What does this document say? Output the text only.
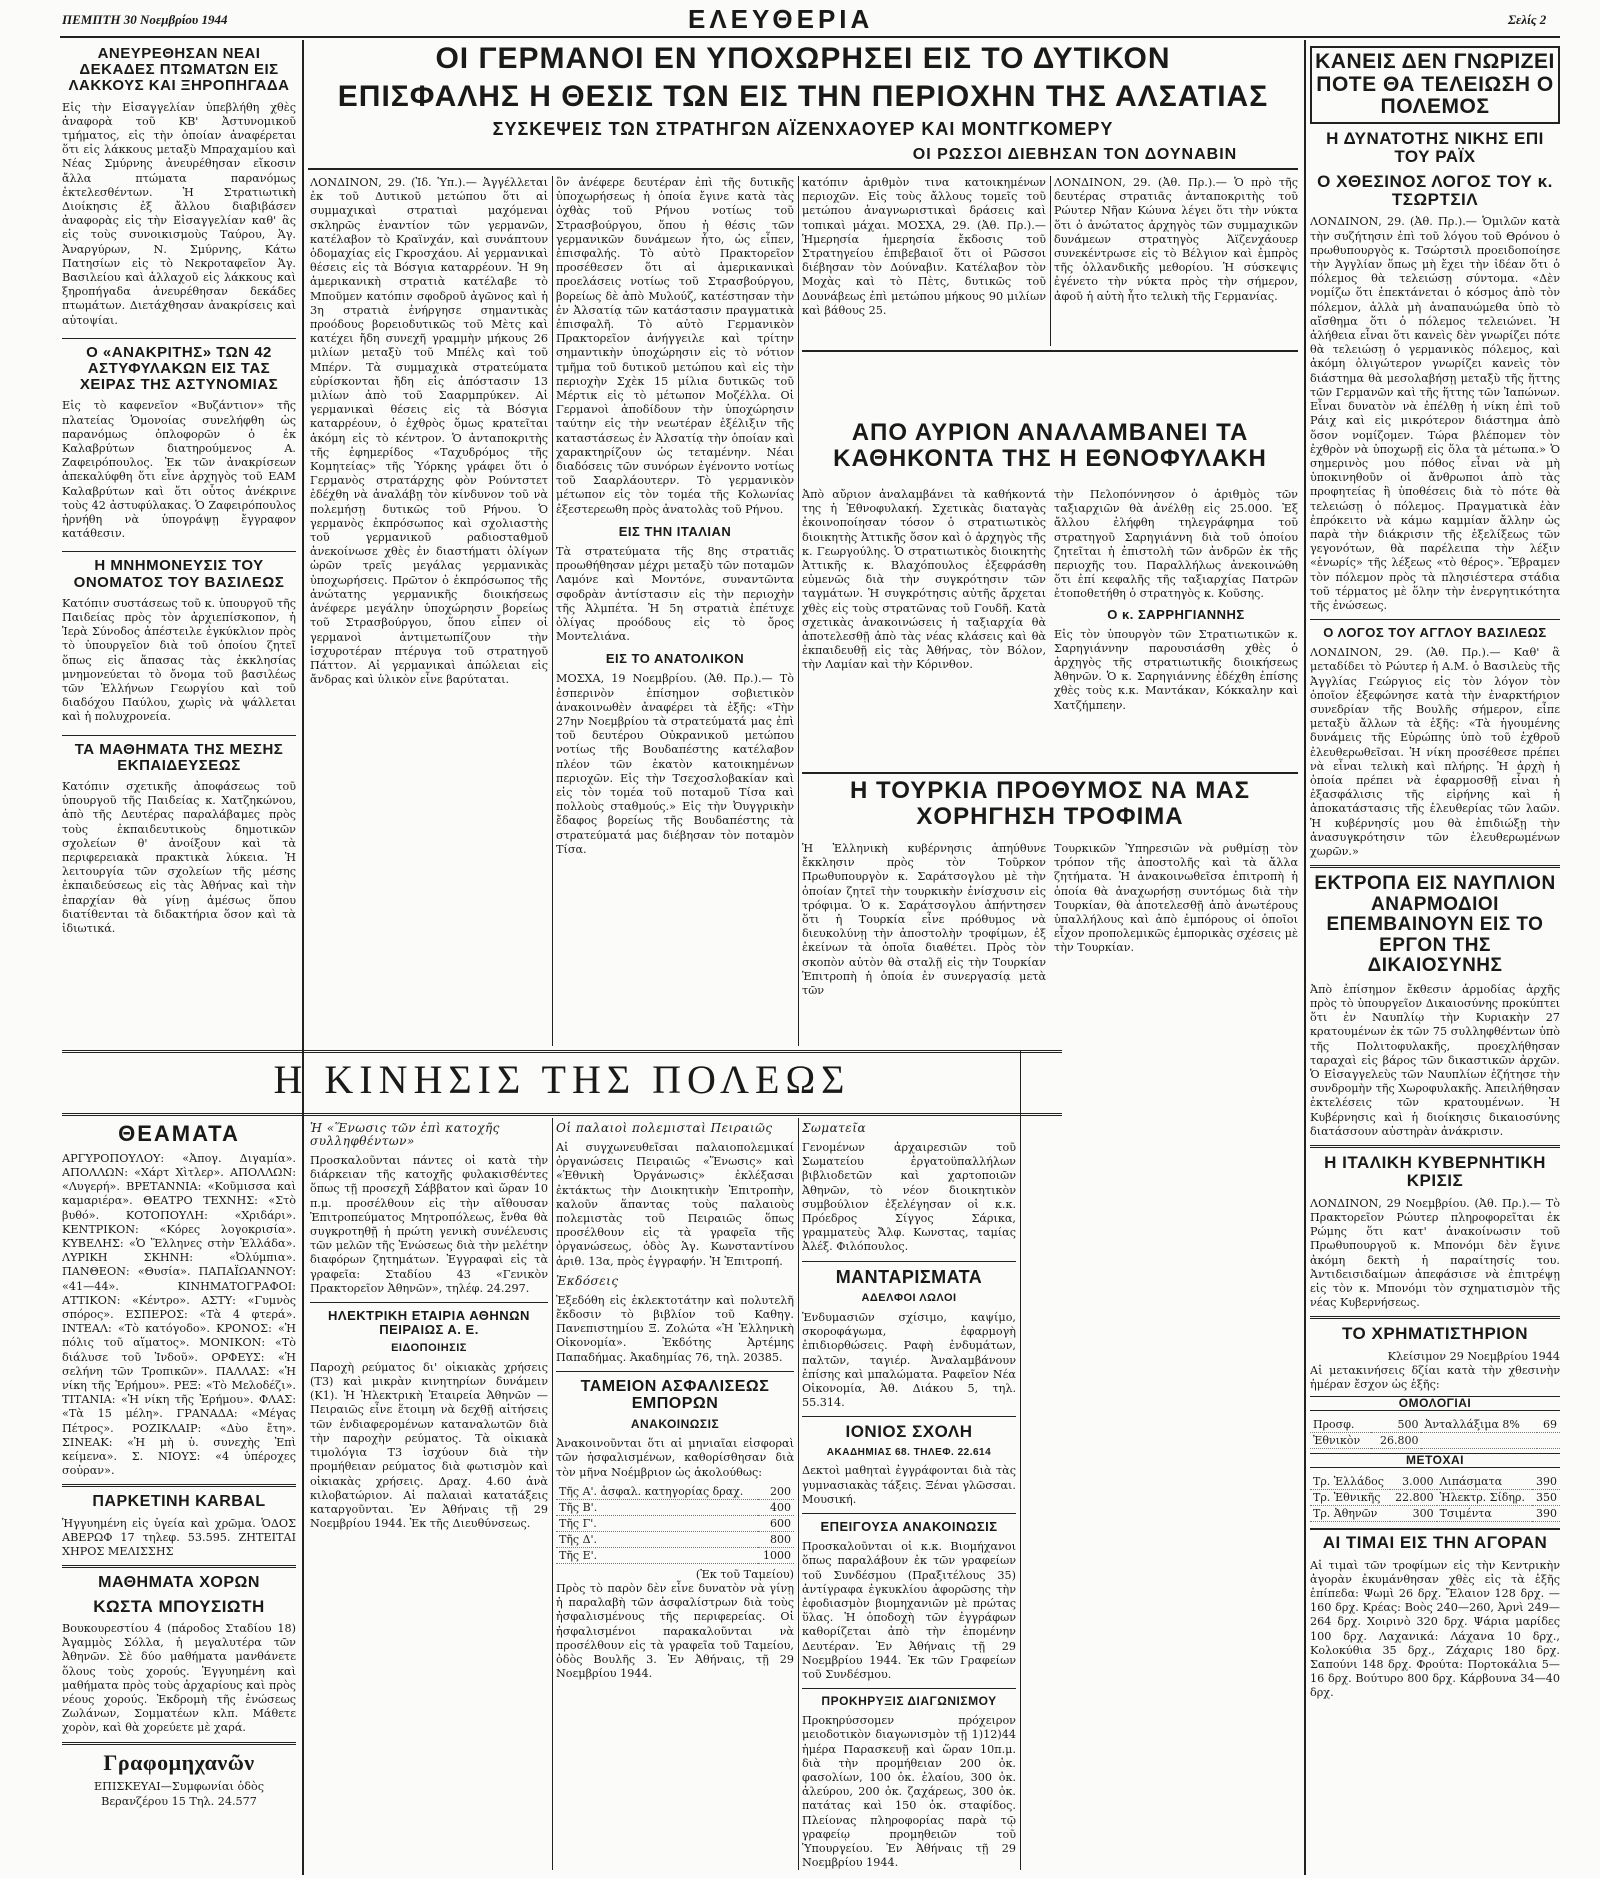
ΠΕΜΠΤΗ 30 Νοεμβρίου 1944	ΕΛΕΥΘΕΡΙΑ	Σελίς 2
ΑΝΕΥΡΕΘΗΣΑΝ ΝΕΑΙ ΔΕΚΑΔΕΣ ΠΤΩΜΑΤΩΝ ΕΙΣ ΛΑΚΚΟΥΣ ΚΑΙ ΞΗΡΟΠΗΓΑΔΑ

Εἰς τὴν Εἰσαγγελίαν ὑπεβλήθη χθὲς ἀναφορὰ τοῦ ΚΒ' Ἀστυνομικοῦ τμήματος, εἰς τὴν ὁποίαν ἀναφέρεται ὅτι εἰς λάκκους μεταξὺ Μπραχαμίου καὶ Νέας Σμύρνης ἀνευρέθησαν εἴκοσιν ἄλλα πτώματα παρανόμως ἐκτελεσθέντων. Ἡ Στρατιωτικὴ Διοίκησις ἐξ ἄλλου διαβιβάσεν ἀναφορὰς εἰς τὴν Εἰσαγγελίαν καθ' ἃς εἰς τοὺς συνοικισμοὺς Ταύρου, Ἁγ. Ἀναργύρων, Ν. Σμύρνης, Κάτω Πατησίων εἰς τὸ Νεκροταφεῖον Ἁγ. Βασιλείου καὶ ἀλλαχοῦ εἰς λάκκους καὶ ξηροπήγαδα ἀνευρέθησαν δεκάδες πτωμάτων. Διετάχθησαν ἀνακρίσεις καὶ αὐτοψίαι.

Ο «ΑΝΑΚΡΙΤΗΣ» ΤΩΝ 42 ΑΣΤΥΦΥΛΑΚΩΝ ΕΙΣ ΤΑΣ ΧΕΙΡΑΣ ΤΗΣ ΑΣΤΥΝΟΜΙΑΣ

Εἰς τὸ καφενεῖον «Βυζάντιον» τῆς πλατείας Ὁμονοίας συνελήφθη ὡς παρανόμως ὁπλοφορῶν ὁ ἐκ Καλαβρύτων διατηρούμενος Α. Ζαφειρόπουλος. Ἐκ τῶν ἀνακρίσεων ἀπεκαλύφθη ὅτι εἶνε ἀρχηγὸς τοῦ ΕΑΜ Καλαβρύτων καὶ ὅτι οὗτος ἀνέκρινε τοὺς 42 ἀστυφύλακας. Ὁ Ζαφειρόπουλος ἠρνήθη νὰ ὑπογράψῃ ἔγγραφον κατάθεσιν.

Η ΜΝΗΜΟΝΕΥΣΙΣ ΤΟΥ ΟΝΟΜΑΤΟΣ ΤΟΥ ΒΑΣΙΛΕΩΣ

Κατόπιν συστάσεως τοῦ κ. ὑπουργοῦ τῆς Παιδείας πρὸς τὸν ἀρχιεπίσκοπον, ἡ Ἱερὰ Σύνοδος ἀπέστειλε ἐγκύκλιον πρὸς τὸ ὑπουργεῖον διὰ τοῦ ὁποίου ζητεῖ ὅπως εἰς ἅπασας τὰς ἐκκλησίας μνημονεύεται τὸ ὄνομα τοῦ βασιλέως τῶν Ἑλλήνων Γεωργίου καὶ τοῦ διαδόχου Παύλου, χωρὶς νὰ ψάλλεται καὶ ἡ πολυχρονεία.

ΤΑ ΜΑΘΗΜΑΤΑ ΤΗΣ ΜΕΣΗΣ ΕΚΠΑΙΔΕΥΣΕΩΣ

Κατόπιν σχετικῆς ἀποφάσεως τοῦ ὑπουργοῦ τῆς Παιδείας κ. Χατζηκώνου, ἀπὸ τῆς Δευτέρας παραλάβαμες πρὸς τοὺς ἐκπαιδευτικοὺς δημοτικῶν σχολείων θ' ἀνοίξουν καὶ τὰ περιφερειακὰ πρακτικὰ λύκεια. Ἡ λειτουργία τῶν σχολείων τῆς μέσης ἐκπαιδεύσεως εἰς τὰς Ἀθήνας καὶ τὴν ἐπαρχίαν θὰ γίνῃ ἀμέσως ὅπου διατίθενται τὰ διδακτήρια ὅσον καὶ τὰ ἰδιωτικά.

ΟΙ ΓΕΡΜΑΝΟΙ ΕΝ ΥΠΟΧΩΡΗΣΕΙ ΕΙΣ ΤΟ ΔΥΤΙΚΟΝ
ΕΠΙΣΦΑΛΗΣ Η ΘΕΣΙΣ ΤΩΝ ΕΙΣ ΤΗΝ ΠΕΡΙΟΧΗΝ ΤΗΣ ΑΛΣΑΤΙΑΣ
ΣΥΣΚΕΨΕΙΣ ΤΩΝ ΣΤΡΑΤΗΓΩΝ ΑΪΖΕΝΧΑΟΥΕΡ ΚΑΙ ΜΟΝΤΓΚΟΜΕΡΥ
ΟΙ ΡΩΣΣΟΙ ΔΙΕΒΗΣΑΝ ΤΟΝ ΔΟΥΝΑΒΙΝ

ΛΟΝΔΙΝΟΝ, 29. (Ἰδ. Ὑπ.).— Ἀγγέλλεται ἐκ τοῦ Δυτικοῦ μετώπου ὅτι αἱ συμμαχικαὶ στρατιαὶ μαχόμεναι σκληρῶς ἐναντίον τῶν γερμανῶν, κατέλαβον τὸ Κραϊνχάν, καὶ συνάπτουν ὁδομαχίας εἰς Γκροσχάου. Αἱ γερμανικαὶ θέσεις εἰς τὰ Βόσγια καταρρέουν. Ἡ 9η ἀμερικανικὴ στρατιὰ κατέλαβε τὸ Μποῦμεν κατόπιν σφοδροῦ ἀγῶνος καὶ ἡ 3η στρατιὰ ἐνήργησε σημαντικὰς προόδους βορειοδυτικῶς τοῦ Μὲτς καὶ κατέχει ἤδη συνεχῆ γραμμὴν μήκους 26 μιλίων μεταξὺ τοῦ Μπέλς καὶ τοῦ Μπέρν. Τὰ συμμαχικὰ στρατεύματα εὑρίσκονται ἤδη εἰς ἀπόστασιν 13 μιλίων ἀπὸ τοῦ Σααρμπρύκεν. Αἱ γερμανικαὶ θέσεις εἰς τὰ Βόσγια καταρρέουν, ὁ ἐχθρὸς ὅμως κρατεῖται ἀκόμη εἰς τὸ κέντρον. Ὁ ἀνταποκριτὴς τῆς ἐφημερίδος «Ταχυδρόμος τῆς Κομητείας» τῆς Ὑόρκης γράφει ὅτι ὁ Γερμανὸς στρατάρχης φὸν Ρούντστετ ἐδέχθη νὰ ἀναλάβῃ τὸν κίνδυνον τοῦ νὰ πολεμήσῃ δυτικῶς τοῦ Ρήνου. Ὁ γερμανὸς ἐκπρόσωπος καὶ σχολιαστὴς τοῦ γερμανικοῦ ραδιοσταθμοῦ ἀνεκοίνωσε χθὲς ἐν διαστήματι ὀλίγων ὡρῶν τρεῖς μεγάλας γερμανικὰς ὑποχωρήσεις. Πρῶτον ὁ ἐκπρόσωπος τῆς ἀνώτατης γερμανικῆς διοικήσεως ἀνέφερε μεγάλην ὑποχώρησιν βορείως τοῦ Στρασβούργου, ὅπου εἶπεν οἱ γερμανοὶ ἀντιμετωπίζουν τὴν ἰσχυροτέραν πτέρυγα τοῦ στρατηγοῦ Πάττον. Αἱ γερμανικαὶ ἀπώλειαι εἰς ἄνδρας καὶ ὑλικὸν εἶνε βαρύταται.

ὃν ἀνέφερε δευτέραν ἐπὶ τῆς δυτικῆς ὑποχωρήσεως ἡ ὁποία ἔγινε κατὰ τὰς ὀχθὰς τοῦ Ρήνου νοτίως τοῦ Στρασβούργου, ὅπου ἡ θέσις τῶν γερμανικῶν δυνάμεων ἦτο, ὡς εἶπεν, ἐπισφαλής. Τὸ αὐτὸ Πρακτορεῖον προσέθεσεν ὅτι αἱ ἀμερικανικαὶ προελάσεις νοτίως τοῦ Στρασβούργου, βορείως δὲ ἀπὸ Μυλούζ, κατέστησαν τὴν ἐν Ἀλσατίᾳ τῶν κατάστασιν πραγματικὰ ἐπισφαλῆ. Τὸ αὐτὸ Γερμανικὸν Πρακτορεῖον ἀνήγγειλε καὶ τρίτην σημαντικὴν ὑποχώρησιν εἰς τὸ νότιον τμῆμα τοῦ δυτικοῦ μετώπου καὶ εἰς τὴν περιοχὴν Σχὲκ 15 μίλια δυτικῶς τοῦ Μέρτικ εἰς τὸ μέτωπον Μοζέλλα. Οἱ Γερμανοὶ ἀποδίδουν τὴν ὑποχώρησιν ταύτην εἰς τὴν νεωτέραν ἐξέλιξιν τῆς καταστάσεως ἐν Ἀλσατίᾳ τὴν ὁποίαν καὶ χαρακτηρίζουν ὡς τεταμένην. Νέαι διαδόσεις τῶν συνόρων ἐγένοντο νοτίως τοῦ Σααρλάουτερν. Τὸ γερμανικὸν μέτωπον εἰς τὸν τομέα τῆς Κολωνίας ἐξεστερεωθη πρὸς ἀνατολὰς τοῦ Ρήνου.

ΕΙΣ ΤΗΝ ΙΤΑΛΙΑΝ

Τὰ στρατεύματα τῆς 8ης στρατιᾶς προωθήθησαν μέχρι μεταξὺ τῶν ποταμῶν Λαμόνε καὶ Μοντόνε, συναντῶντα σφοδρὰν ἀντίστασιν εἰς τὴν περιοχὴν τῆς Ἀλμπέτα. Ἡ 5η στρατιὰ ἐπέτυχε ὀλίγας προόδους εἰς τὸ ὄρος Μοντελιάνα.

ΕΙΣ ΤΟ ΑΝΑΤΟΛΙΚΟΝ

ΜΟΣΧΑ, 19 Νοεμβρίου. (Ἀθ. Πρ.).— Τὸ ἑσπερινὸν ἐπίσημον σοβιετικὸν ἀνακοινωθὲν ἀναφέρει τὰ ἑξῆς: «Τὴν 27ην Νοεμβρίου τὰ στρατεύματά μας ἐπὶ τοῦ δευτέρου Οὐκρανικοῦ μετώπου νοτίως τῆς Βουδαπέστης κατέλαβον πλέον τῶν ἑκατὸν κατοικημένων περιοχῶν. Εἰς τὴν Τσεχοσλοβακίαν καὶ εἰς τὸν τομέα τοῦ ποταμοῦ Τίσα καὶ πολλοὺς σταθμούς.» Εἰς τὴν Ὀυγγρικὴν ἔδαφος βορείως τῆς Βουδαπέστης τὰ στρατεύματά μας διέβησαν τὸν ποταμὸν Τίσα.

κατόπιν ἀριθμὸν τινα κατοικημένων περιοχῶν. Εἰς τοὺς ἄλλους τομεῖς τοῦ μετώπου ἀναγνωριστικαὶ δράσεις καὶ τοπικαὶ μάχαι. ΜΟΣΧΑ, 29. (Ἀθ. Πρ.).— Ἡμερησία ἡμερησία ἔκδοσις τοῦ Στρατηγείου ἐπιβεβαιοῖ ὅτι οἱ Ρῶσσοι διέβησαν τὸν Δούναβιν. Κατέλαβον τὸν Μοχὰς καὶ τὸ Πὲτς, δυτικῶς τοῦ Δουνάβεως ἐπὶ μετώπου μήκους 90 μιλίων καὶ βάθους 25.

ΛΟΝΔΙΝΟΝ, 29. (Ἀθ. Πρ.).— Ὁ πρὸ τῆς δευτέρας στρατιᾶς ἀνταποκριτὴς τοῦ Ρώυτερ Νῆαν Κώυνα λέγει ὅτι τὴν νύκτα ὅτι ὁ ἀνώτατος ἀρχηγὸς τῶν συμμαχικῶν δυνάμεων στρατηγὸς Ἀϊζενχάουερ συνεκέντρωσε εἰς τὸ Βέλγιον καὶ ἐμπρὸς τῆς ὁλλανδικῆς μεθορίου. Ἡ σύσκεψις ἐγένετο τὴν νύκτα πρὸς τὴν σήμερον, ἀφοῦ ἡ αὐτὴ ἦτο τελικὴ τῆς Γερμανίας.

ΑΠΟ ΑΥΡΙΟΝ ΑΝΑΛΑΜΒΑΝΕΙ ΤΑ ΚΑΘΗΚΟΝΤΑ ΤΗΣ Η ΕΘΝΟΦΥΛΑΚΗ

Ἀπὸ αὔριον ἀναλαμβάνει τὰ καθήκοντά της ἡ Ἐθνοφυλακή. Σχετικὰς διαταγὰς ἐκοινοποίησαν τόσον ὁ στρατιωτικὸς διοικητὴς Ἀττικῆς ὅσον καὶ ὁ ἀρχηγὸς τῆς κ. Γεωργούλης. Ὁ στρατιωτικὸς διοικητὴς Ἀττικῆς κ. Βλαχόπουλος ἐξεφράσθη εὐμενῶς διὰ τὴν συγκρότησιν τῶν ταγμάτων. Ἡ συγκρότησις αὐτῆς ἄρχεται χθὲς εἰς τοὺς στρατῶνας τοῦ Γουδῆ. Κατὰ σχετικὰς ἀνακοινώσεις ἡ ταξιαρχία θὰ ἀποτελεσθῇ ἀπὸ τὰς νέας κλάσεις καὶ θὰ ἐκπαιδευθῇ εἰς τὰς Ἀθήνας, τὸν Βόλον, τὴν Λαμίαν καὶ τὴν Κόρινθον.

τὴν Πελοπόννησον ὁ ἀριθμὸς τῶν ταξιαρχιῶν θὰ ἀνέλθῃ εἰς 25.000. Ἐξ ἄλλου ἐλήφθη τηλεγράφημα τοῦ στρατηγοῦ Σαρηγιάννη διὰ τοῦ ὁποίου ζητεῖται ἡ ἐπιστολὴ τῶν ἀνδρῶν ἐκ τῆς περιοχῆς του. Παραλλήλως ἀνεκοινώθη ὅτι ἐπί κεφαλῆς τῆς ταξιαρχίας Πατρῶν ἐτοποθετήθη ὁ στρατηγὸς κ. Κοῦσης.

Ο κ. ΣΑΡΡΗΓΙΑΝΝΗΣ

Εἰς τὸν ὑπουργὸν τῶν Στρατιωτικῶν κ. Σαρηγιάννην παρουσιάσθη χθὲς ὁ ἀρχηγὸς τῆς στρατιωτικῆς διοικήσεως Ἀθηνῶν. Ὁ κ. Σαρηγιάννης ἐδέχθη ἐπίσης χθὲς τοὺς κ.κ. Μαντάκαν, Κόκκαλην καὶ Χατζήμπεην.

Η ΤΟΥΡΚΙΑ ΠΡΟΘΥΜΟΣ ΝΑ ΜΑΣ ΧΟΡΗΓΗΣΗ ΤΡΟΦΙΜΑ

Ἡ Ἑλληνικὴ κυβέρνησις ἀπηύθυνε ἔκκλησιν πρὸς τὸν Τοῦρκον Πρωθυπουργὸν κ. Σαράτσογλου μὲ τὴν ὁποίαν ζητεῖ τὴν τουρκικὴν ἐνίσχυσιν εἰς τρόφιμα. Ὁ κ. Σαράτσογλου ἀπήντησεν ὅτι ἡ Τουρκία εἶνε πρόθυμος νὰ διευκολύνῃ τὴν ἀποστολὴν τροφίμων, ἐξ ἐκείνων τὰ ὁποῖα διαθέτει. Πρὸς τὸν σκοπὸν αὐτὸν θὰ σταλῇ εἰς τὴν Τουρκίαν Ἐπιτροπὴ ἡ ὁποία ἐν συνεργασίᾳ μετὰ τῶν

Τουρκικῶν Ὑπηρεσιῶν νὰ ρυθμίσῃ τὸν τρόπον τῆς ἀποστολῆς καὶ τὰ ἄλλα ζητήματα. Ἡ ἀνακοινωθεῖσα ἐπιτροπὴ ἡ ὁποία θὰ ἀναχωρήσῃ συντόμως διὰ τὴν Τουρκίαν, θὰ ἀποτελεσθῇ ἀπὸ ἀνωτέρους ὑπαλλήλους καὶ ἀπὸ ἐμπόρους οἱ ὁποῖοι εἶχον προπολεμικῶς ἐμπορικὰς σχέσεις μὲ τὴν Τουρκίαν.

Η ΚΙΝΗΣΙΣ ΤΗΣ ΠΟΛΕΩΣ
ΘΕΑΜΑΤΑ

ΑΡΓΥΡΟΠΟΥΛΟΥ: «Ἀπογ. Διγαμία». ΑΠΟΛΛΩΝ: «Χάρτ Χὶτλερ». ΑΠΟΛΛΩΝ: «Λυγερή». ΒΡΕΤΑΝΝΙΑ: «Κοῦμισσα καὶ καμαριέρα». ΘΕΑΤΡΟ ΤΕΧΝΗΣ: «Στὸ βυθό». ΚΟΤΟΠΟΥΛΗ: «Χριδάρι». ΚΕΝΤΡΙΚΟΝ: «Κόρες λογοκρισία». ΚΥΒΕΛΗΣ: «Ὁ Ἕλληνες στὴν Ἑλλάδα». ΛΥΡΙΚΗ ΣΚΗΝΗ: «Ὀλύμπια». ΠΑΝΘΕΟΝ: «Θυσία». ΠΑΠΑΪΩΑΝΝΟΥ: «41—44». ΚΙΝΗΜΑΤΟΓΡΑΦΟΙ: ΑΤΤΙΚΟΝ: «Κέντρο». ΑΣΤΥ: «Γυμνὸς σπόρος». ΕΣΠΕΡΟΣ: «Τὰ 4 φτερά». ΙΝΤΕΑΛ: «Τὸ κατόγοδο». ΚΡΟΝΟΣ: «Ἡ πόλις τοῦ αἵματος». ΜΟΝΙΚΟΝ: «Τὸ διάλυσε τοῦ Ἰνδοῦ». ΟΡΦΕΥΣ: «Ἡ σελήνη τῶν Τροπικῶν». ΠΑΛΛΑΣ: «Ἡ νίκη τῆς Ἐρήμου». ΡΕΞ: «Τὸ Μελοδέζι». ΤΙΤΑΝΙΑ: «Ἡ νίκη τῆς Ἐρήμου». ΦΛΑΣ: «Τὰ 15 μέλη». ΓΡΑΝΑΔΑ: «Μέγας Πέτρος». ΡΟΖΙΚΛΑΙΡ: «Δὺο ἔτη». ΣΙΝΕΑΚ: «Ἡ μὴ ὑ. συνεχὴς Ἐπὶ κείμενα». Σ. ΝΙΟΥΣ: «4 ὑπέροχες σοὐραν».

ΠΑΡΚΕΤΙΝΗ KARBAL

Ἡγγυημένη εἰς ὑγεία καὶ χρῶμα. ὉΔΟΣ ΑΒΕΡΩΦ 17 τηλεφ. 53.595. ΖΗΤΕΙΤΑΙ ΧΗΡΟΣ ΜΕΛΙΣΣΗΣ

ΜΑΘΗΜΑΤΑ ΧΟΡΩΝ
ΚΩΣΤΑ ΜΠΟΥΣΙΩΤΗ

Βουκουρεστίου 4 (πάροδος Σταδίου 18) Ἀγαμμὸς Σόλλα, ἡ μεγαλυτέρα τῶν Ἀθηνῶν. Σὲ δύο μαθήματα μανθάνετε ὅλους τοὺς χορούς. Ἐγγυημένη καὶ μαθήματα πρὸς τοὺς ἀρχαρίους καὶ πρὸς νέους χορούς. Ἐκδρομὴ τῆς ἐνώσεως Ζωλάνων, Σομματέων κλπ. Μάθετε χορὸν, καὶ θὰ χορεύετε μὲ χαρά.

Γραφομηχανῶν

ΕΠΙΣΚΕΥΑΙ—Συμφωνίαι ὁδὸς Βερανζέρου 15 Τηλ. 24.577

Ἡ «Ἕνωσις τῶν ἐπὶ κατοχῆς συλληφθέντων»

Προσκαλοῦνται πάντες οἱ κατὰ τὴν διάρκειαν τῆς κατοχῆς φυλακισθέντες ὅπως τῇ προσεχῆ Σάββατον καὶ ὥραν 10 π.μ. προσέλθουν εἰς τὴν αἴθουσαν Ἐπιτροπεύματος Μητροπόλεως, ἔνθα θὰ συγκροτηθῇ ἡ πρώτη γενικὴ συνέλευσις τῶν μελῶν τῆς Ἑνώσεως διὰ τὴν μελέτην διαφόρων ζητημάτων. Ἐγγραφαὶ εἰς τὰ γραφεῖα: Σταδίου 43 «Γενικὸν Πρακτορεῖον Ἀθηνῶν», τηλέφ. 24.297.

ΗΛΕΚΤΡΙΚΗ ΕΤΑΙΡΙΑ ΑΘΗΝΩΝ ΠΕΙΡΑΙΩΣ Α. Ε.
ΕΙΔΟΠΟΙΗΣΙΣ

Παροχὴ ρεύματος δι' οἰκιακὰς χρήσεις (Τ3) καὶ μικρὰν κινητηρίων δυνάμειν (Κ1). Ἡ Ἠλεκτρικὴ Ἑταιρεία Ἀθηνῶν — Πειραιῶς εἶνε ἕτοιμη νὰ δεχθῇ αἰτήσεις τῶν ἐνδιαφερομένων καταναλωτῶν διὰ τὴν παροχὴν ρεύματος. Τὰ οἰκιακὰ τιμολόγια Τ3 ἰσχύουν διὰ τὴν προμήθειαν ρεύματος διὰ φωτισμὸν καὶ οἰκιακὰς χρήσεις. Δραχ. 4.60 ἀνὰ κιλοβατώριον. Αἱ παλαιαὶ κατατάξεις καταργοῦνται. Ἐν Ἀθήναις τῇ 29 Νοεμβρίου 1944. Ἐκ τῆς Διευθύνσεως.

Οἱ παλαιοὶ πολεμισταὶ Πειραιῶς

Αἱ συγχωνευθεῖσαι παλαιοπολεμικαί ὀργανώσεις Πειραιῶς «Ἕνωσις» καὶ «Ἐθνικὴ Ὀργάνωσις» ἐκλέξασαι ἐκτάκτως τὴν Διοικητικὴν Ἐπιτροπὴν, καλοῦν ἅπαντας τοὺς παλαιοὺς πολεμιστὰς τοῦ Πειραιῶς ὅπως προσέλθουν εἰς τὰ γραφεῖα τῆς ὀργανώσεως, ὁδὸς Ἁγ. Κωνσταντίνου ἀριθ. 13α, πρὸς ἐγγραφήν. Ἡ Ἐπιτροπή.

Ἐκδόσεις

Ἐξεδόθη εἰς ἐκλεκτοτάτην καὶ πολυτελῆ ἔκδοσιν τὸ βιβλίον τοῦ Καθηγ. Πανεπιστημίου Ξ. Ζολώτα «Ἡ Ἑλληνικὴ Οἰκονομία». Ἐκδότης Ἀρτέμης Παπαδήμας. Ἀκαδημίας 76, τηλ. 20385.

ΤΑΜΕΙΟΝ ΑΣΦΑΛΙΣΕΩΣ ΕΜΠΟΡΩΝ
ΑΝΑΚΟΙΝΩΣΙΣ

Ἀνακοινοῦνται ὅτι αἱ μηνιαῖαι εἰσφοραὶ τῶν ἠσφαλισμένων, καθορίσθησαν διὰ τὸν μῆνα Νοέμβριον ὡς ἀκολούθως:

Τῆς Α'. ἀσφαλ. κατηγορίας δραχ.	200
Τῆς Β'.	400
Τῆς Γ'.	600
Τῆς Δ'.	800
Τῆς Ε'.	1000

(Ἐκ τοῦ Ταμείου)

Πρὸς τὸ παρὸν δὲν εἶνε δυνατὸν νὰ γίνῃ ἡ παραλαβὴ τῶν ἀσφαλίστρων διὰ τοὺς ἠσφαλισμένους τῆς περιφερείας. Οἱ ἠσφαλισμένοι παρακαλοῦνται νὰ προσέλθουν εἰς τὰ γραφεῖα τοῦ Ταμείου, ὁδὸς Βουλῆς 3. Ἐν Ἀθήναις, τῇ 29 Νοεμβρίου 1944.

Σωματεῖα

Γενομένων ἀρχαιρεσιῶν τοῦ Σωματείου ἐργατοϋπαλλήλων βιβλιοδετῶν καὶ χαρτοποιῶν Ἀθηνῶν, τὸ νέον διοικητικὸν συμβούλιον ἐξελέγησαν οἱ κ.κ. Πρόεδρος Σίγγος Σάρικα, γραμματεὺς Ἄλφ. Κωνστας, ταμίας Ἀλέξ. Φιλόπουλος.

ΜΑΝΤΑΡΙΣΜΑΤΑ
ΑΔΕΛΦΟΙ ΛΩΛΟΙ

Ἐνδυμασιῶν σχίσιμο, καψίμο, σκοροφάγωμα, ἐφαρμογὴ ἐπιδιορθώσεις. Ραφὴ ἐνδυμάτων, παλτῶν, ταγιέρ. Ἀναλαμβάνουν ἐπίσης καὶ μπαλώματα. Ραφεῖον Νέα Οἰκονομία, Ἀθ. Διάκου 5, τηλ. 55.314.

ΙΟΝΙΟΣ ΣΧΟΛΗ
ΑΚΑΔΗΜΙΑΣ 68. ΤΗΛΕΦ. 22.614

Δεκτοὶ μαθηταὶ ἐγγράφονται διὰ τὰς γυμνασιακὰς τάξεις. Ξέναι γλῶσσαι. Μουσική.

ΕΠΕΙΓΟΥΣΑ ΑΝΑΚΟΙΝΩΣΙΣ

Προσκαλοῦνται οἱ κ.κ. Βιομήχανοι ὅπως παραλάβουν ἐκ τῶν γραφείων τοῦ Συνδέσμου (Πραξιτέλους 35) ἀντίγραφα ἐγκυκλίου ἀφορῶσης τὴν ἐφοδιασμὸν βιομηχανιῶν μὲ πρώτας ὕλας. Ἡ ὁποδοχὴ τῶν ἐγγράφων καθορίζεται ἀπὸ τὴν ἑπομένην Δευτέραν. Ἐν Ἀθήναις τῇ 29 Νοεμβρίου 1944. Ἐκ τῶν Γραφείων τοῦ Συνδέσμου.

ΠΡΟΚΗΡΥΞΙΣ ΔΙΑΓΩΝΙΣΜΟΥ

Προκηρύσσομεν πρόχειρον μειοδοτικὸν διαγωνισμὸν τῇ 1)12)44 ἡμέρα Παρασκευῇ καὶ ὥραν 10π.μ. διὰ τὴν προμήθειαν 200 ὀκ. φασολίων, 100 ὀκ. ἐλαίου, 300 ὀκ. ἀλεύρου, 200 ὀκ. ζαχάρεως, 300 ὀκ. πατάτας καὶ 150 ὀκ. σταφίδος. Πλείονας πληροφορίας παρὰ τῷ γραφείῳ προμηθειῶν τοῦ Ὑπουργείου. Ἐν Ἀθήναις τῇ 29 Νοεμβρίου 1944.

ΚΑΝΕΙΣ ΔΕΝ ΓΝΩΡΙΖΕΙ ΠΟΤΕ ΘΑ ΤΕΛΕΙΩΣΗ Ο ΠΟΛΕΜΟΣ
Η ΔΥΝΑΤΟΤΗΣ ΝΙΚΗΣ ΕΠΙ ΤΟΥ ΡΑΪΧ
Ο ΧΘΕΣΙΝΟΣ ΛΟΓΟΣ ΤΟΥ κ. ΤΣΩΡΤΣΙΛ

ΛΟΝΔΙΝΟΝ, 29. (Ἀθ. Πρ.).— Ὁμιλῶν κατὰ τὴν συζήτησιν ἐπὶ τοῦ λόγου τοῦ Θρόνου ὁ πρωθυπουργὸς κ. Τσώρτσιλ προειδοποίησε τὴν Ἀγγλίαν ὅπως μὴ ἔχει τὴν ἰδέαν ὅτι ὁ πόλεμος θὰ τελειώσῃ σύντομα. «Δὲν νομίζω ὅτι ἐπεκτάνεται ὁ κόσμος ἀπὸ τὸν πόλεμον, ἀλλὰ μὴ ἀναπαυώμεθα ὑπὸ τὸ αἴσθημα ὅτι ὁ πόλεμος τελειώνει. Ἡ ἀλήθεια εἶναι ὅτι κανεὶς δὲν γνωρίζει πότε θὰ τελειώσῃ ὁ γερμανικὸς πόλεμος, καὶ ἀκόμη ὀλιγώτερον γνωρίζει κανεὶς τὸν διάστημα θὰ μεσολαβήσῃ μεταξὺ τῆς ἥττης τῶν Γερμανῶν καὶ τῆς ἥττης τῶν Ἰαπώνων. Εἶναι δυνατὸν νὰ ἐπέλθῃ ἡ νίκη ἐπὶ τοῦ Ράιχ καὶ εἰς μικρότερον διάστημα ἀπὸ ὅσον νομίζομεν. Τώρα βλέπομεν τὸν ἐχθρὸν νὰ ὑποχωρῇ εἰς ὅλα τὰ μέτωπα.» Ὁ σημερινὸς μου πόθος εἶναι νὰ μὴ ὑποκινηθοῦν οἱ ἄνθρωποι ἀπὸ τὰς προφητείας ἢ ὑποθέσεις διὰ τὸ πότε θὰ τελειώσῃ ὁ πόλεμος. Πραγματικὰ ἐὰν ἐπρόκειτο νὰ κάμω καμμίαν ἄλλην ὡς παρὰ τὴν διάκρισιν τῆς ἐξελίξεως τῶν γεγονότων, θὰ παρέλειπα τὴν λέξιν «ἐνωρίς» τῆς λέξεως «τὸ θέρος». Ἔβραμεν τὸν πόλεμον πρὸς τὰ πλησιέστερα στάδια τοῦ τέρματος μὲ ὅλην τὴν ἐνεργητικότητα τῆς ἐνώσεως.

Ο ΛΟΓΟΣ ΤΟΥ ΑΓΓΛΟΥ ΒΑΣΙΛΕΩΣ

ΛΟΝΔΙΝΟΝ, 29. (Ἀθ. Πρ.).— Καθ' ἃ μεταδίδει τὸ Ρώυτερ ἡ Α.Μ. ὁ Βασιλεὺς τῆς Ἀγγλίας Γεώργιος εἰς τὸν λόγον τὸν ὁποῖον ἐξεφώνησε κατὰ τὴν ἐναρκτήριον συνεδρίαν τῆς Βουλῆς σήμερον, εἶπε μεταξὺ ἄλλων τὰ ἑξῆς: «Τὰ ἡγουμένης δυνάμεις τῆς Εὐρώπης ὑπὸ τοῦ ἐχθροῦ ἐλευθερωθεῖσαι. Ἡ νίκη προσέθεσε πρέπει νὰ εἶναι τελικὴ καὶ πλήρης. Ἡ ἀρχὴ ἡ ὁποία πρέπει νὰ ἐφαρμοσθῇ εἶναι ἡ ἐξασφάλισις τῆς εἰρήνης καὶ ἡ ἀποκατάστασις τῆς ἐλευθερίας τῶν λαῶν. Ἡ κυβέρνησίς μου θὰ ἐπιδιώξῃ τὴν ἀνασυγκρότησιν τῶν ἐλευθερωμένων χωρῶν.»

ΕΚΤΡΟΠΑ ΕΙΣ ΝΑΥΠΛΙΟΝ ΑΝΑΡΜΟΔΙΟΙ ΕΠΕΜΒΑΙΝΟΥΝ ΕΙΣ ΤΟ ΕΡΓΟΝ ΤΗΣ ΔΙΚΑΙΟΣΥΝΗΣ

Ἀπὸ ἐπίσημον ἔκθεσιν ἁρμοδίας ἀρχῆς πρὸς τὸ ὑπουργεῖον Δικαιοσύνης προκύπτει ὅτι ἐν Ναυπλίῳ τὴν Κυριακὴν 27 κρατουμένων ἐκ τῶν 75 συλληφθέντων ὑπὸ τῆς Πολιτοφυλακῆς, προεχλήθησαν ταραχαὶ εἰς βάρος τῶν δικαστικῶν ἀρχῶν. Ὁ Εἰσαγγελεὺς τῶν Ναυπλίων ἐζήτησε τὴν συνδρομὴν τῆς Χωροφυλακῆς. Ἀπειλήθησαν ἐκτελέσεις τῶν κρατουμένων. Ἡ Κυβέρνησις καὶ ἡ διοίκησις δικαιοσύνης διατάσσουν αὐστηρὰν ἀνάκρισιν.

Η ΙΤΑΛΙΚΗ ΚΥΒΕΡΝΗΤΙΚΗ ΚΡΙΣΙΣ

ΛΟΝΔΙΝΟΝ, 29 Νοεμβρίου. (Ἀθ. Πρ.).— Τὸ Πρακτορεῖον Ρώυτερ πληροφορεῖται ἐκ Ρώμης ὅτι κατ' ἀνακοίνωσιν τοῦ Πρωθυπουργοῦ κ. Μπονόμι δὲν ἔγινε ἀκόμη δεκτὴ ἡ παραίτησίς του. Ἀντιδεισιδαίμων ἀπεφάσισε νὰ ἐπιτρέψῃ εἰς τὸν κ. Μπονόμι τὸν σχηματισμὸν τῆς νέας Κυβερνήσεως.

ΤΟ ΧΡΗΜΑΤΙΣΤΗΡΙΟΝ

Κλείσιμον 29 Νοεμβρίου 1944

Αἱ μετακινήσεις δζίαι κατὰ τὴν χθεσινὴν ἡμέραν ἔσχον ὡς ἑξῆς:

ΟΜΟΛΟΓΙΑΙ
Προσφ.	500	Ἀνταλλάξιμα 8%	69
Ἐθνικὸν	26.800		
ΜΕΤΟΧΑΙ
Τρ. Ἐλλάδος	3.000	Λιπάσματα	390
Τρ. Ἐθνικῆς	22.800	Ἠλεκτρ. Σίδηρ.	350
Τρ. Ἀθηνῶν	300	Τσιμέντα	390
ΑΙ ΤΙΜΑΙ ΕΙΣ ΤΗΝ ΑΓΟΡΑΝ

Αἱ τιμαὶ τῶν τροφίμων εἰς τὴν Κεντρικὴν ἀγορὰν ἐκυμάνθησαν χθὲς εἰς τὰ ἑξῆς ἐπίπεδα: Ψωμὶ 26 δρχ. Ἔλαιον 128 δρχ. — 160 δρχ. Κρέας: Βοὸς 240—260, Ἀρνὶ 249—264 δρχ. Χοιρινὸ 320 δρχ. Ψάρια μαρίδες 100 δρχ. Λαχανικά: Λάχανα 10 δρχ., Κολοκύθια 35 δρχ., Ζάχαρις 180 δρχ. Σαπούνι 148 δρχ. Φρούτα: Πορτοκάλια 5—16 δρχ. Βούτυρο 800 δρχ. Κάρβουνα 34—40 δρχ.
